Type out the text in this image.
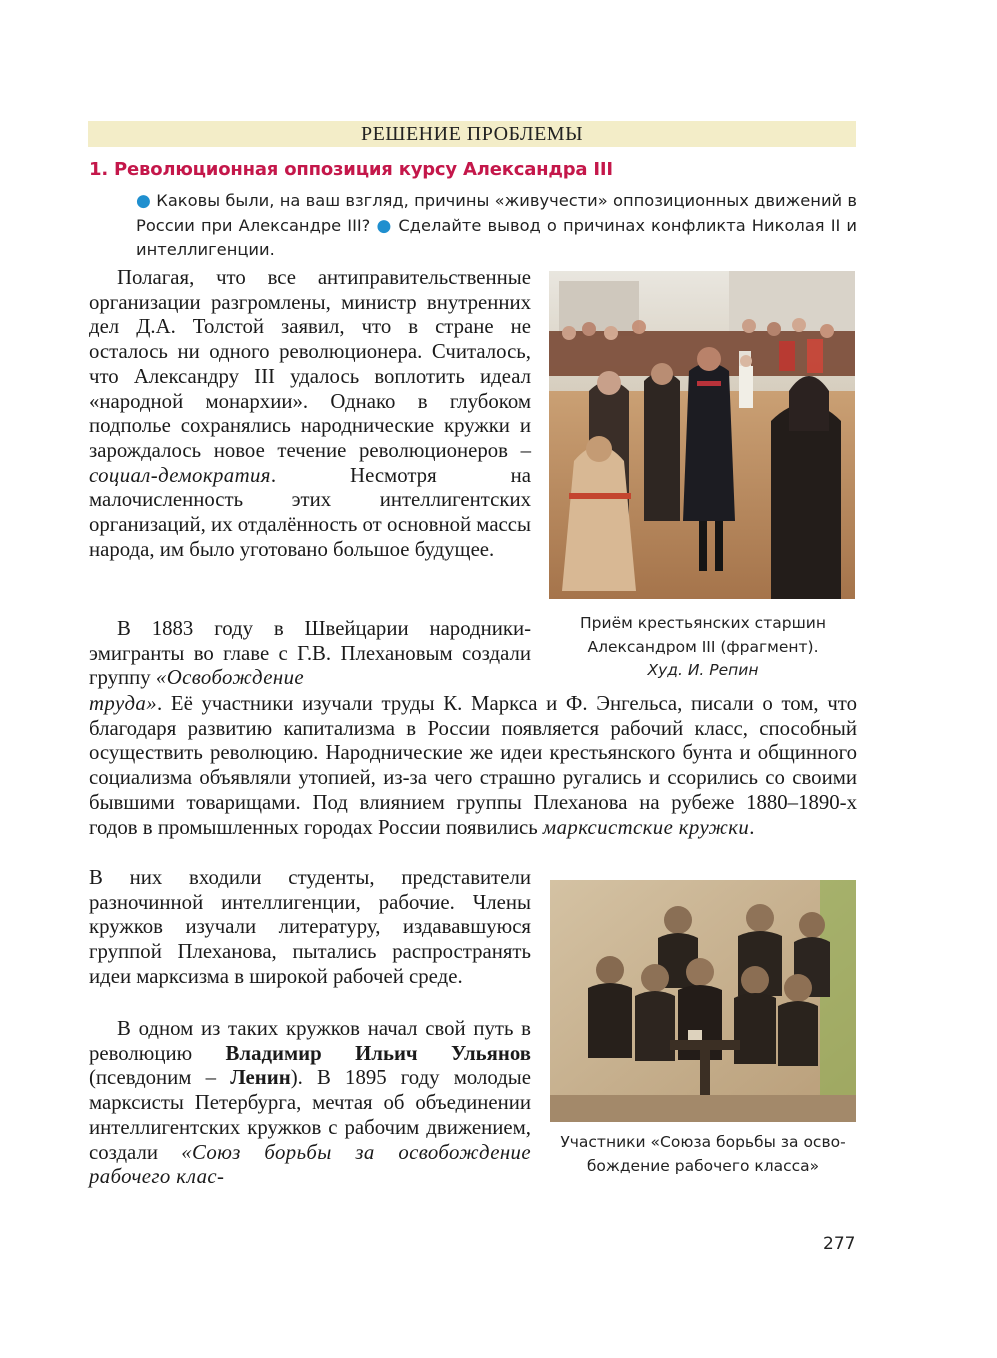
РЕШЕНИЕ ПРОБЛЕМЫ
1. Революционная оппозиция курсу Александра III
● Каковы были, на ваш взгляд, причины «живучести» оппозиционных движений в России при Александре III? ● Сделайте вывод о причинах конфликта Николая II и интеллигенции.

Полагая, что все антиправительственные организации разгромлены, министр внутренних дел Д.А. Толстой заявил, что в стране не осталось ни одного революционера. Считалось, что Александру III удалось воплотить идеал «народной монархии». Однако в глубоком подполье сохранялись народнические кружки и зарождалось новое течение революционеров – социал-демократия. Несмотря на малочисленность этих интеллигентских организаций, их отдалённость от основной массы народа, им было уготовано большое будущее.

В 1883 году в Швейцарии народники-эмигранты во главе с Г.В. Плехановым создали группу «Освобождение

труда». Её участники изучали труды К. Маркса и Ф. Энгельса, писали о том, что благодаря развитию капитализма в России появляется рабочий класс, способный осуществить революцию. Народнические же идеи крестьянского бунта и общинного социализма объявляли утопией, из-за чего страшно ругались и ссорились со своими бывшими товарищами. Под влиянием группы Плеханова на рубеже 1880–1890-х годов в промышленных городах России появились марксистские кружки.

В них входили студенты, представители разночинной интеллигенции, рабочие. Члены кружков изучали литературу, издававшуюся группой Плеханова, пытались распространять идеи марксизма в широкой рабочей среде.

В одном из таких кружков начал свой путь в революцию Владимир Ильич Ульянов (псевдоним – Ленин). В 1895 году молодые марксисты Петербурга, мечтая об объединении интеллигентских кружков с рабочим движением, создали «Союз борьбы за освобождение рабочего клас-

Приём крестьянских старшин
Александром III (фрагмент).
Худ. И. Репин
Участники «Союза борьбы за осво-
бождение рабочего класса»
277
